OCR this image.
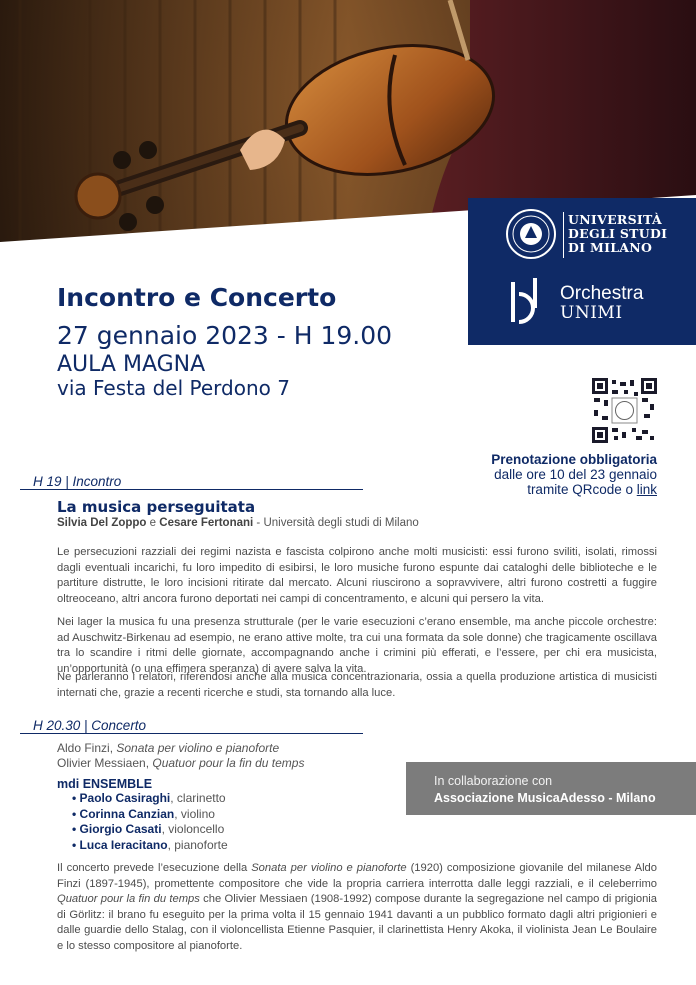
UNIVERSITÀ
DEGLI STUDI
DI MILANO
Orchestra
UNIMI
Incontro e Concerto
27 gennaio 2023 - H 19.00
AULA MAGNA
via Festa del Perdono 7
Prenotazione obbligatoria
dalle ore 10 del 23 gennaio
tramite QRcode o link
H 19 | Incontro
La musica perseguitata
Silvia Del Zoppo e Cesare Fertonani - Università degli studi di Milano

Le persecuzioni razziali dei regimi nazista e fascista colpirono anche molti musicisti: essi furono sviliti, isolati, rimossi dagli eventuali incarichi, fu loro impedito di esibirsi, le loro musiche furono espunte dai cataloghi delle biblioteche e le partiture distrutte, le loro incisioni ritirate dal mercato. Alcuni riuscirono a sopravvivere, altri furono costretti a fuggire oltreoceano, altri ancora furono deportati nei campi di concentramento, e alcuni qui persero la vita.

Nei lager la musica fu una presenza strutturale (per le varie esecuzioni c’erano ensemble, ma anche piccole orchestre: ad Auschwitz-Birkenau ad esempio, ne erano attive molte, tra cui una formata da sole donne) che tragicamente oscillava tra lo scandire i ritmi delle giornate, accompagnando anche i crimini più efferati, e l’essere, per chi era musicista, un’opportunità (o una effimera speranza) di avere salva la vita.

Ne parleranno i relatori, riferendosi anche alla musica concentrazionaria, ossia a quella produzione artistica di musicisti internati che, grazie a recenti ricerche e studi, sta tornando alla luce.

H 20.30 | Concerto
Aldo Finzi, Sonata per violino e pianoforte
Olivier Messiaen, Quatuor pour la fin du temps
mdi ENSEMBLE
• Paolo Casiraghi, clarinetto
• Corinna Canzian, violino
• Giorgio Casati, violoncello
• Luca Ieracitano, pianoforte
In collaborazione con
Associazione MusicaAdesso - Milano

Il concerto prevede l’esecuzione della Sonata per violino e pianoforte (1920) composizione giovanile del milanese Aldo Finzi (1897-1945), promettente compositore che vide la propria carriera interrotta dalle leggi razziali, e il celeberrimo Quatuor pour la fin du temps che Olivier Messiaen (1908-1992) compose durante la segregazione nel campo di prigionia di Görlitz: il brano fu eseguito per la prima volta il 15 gennaio 1941 davanti a un pubblico formato dagli altri prigionieri e dalle guardie dello Stalag, con il violoncellista Etienne Pasquier, il clarinettista Henry Akoka, il violinista Jean Le Boulaire e lo stesso compositore al pianoforte.
